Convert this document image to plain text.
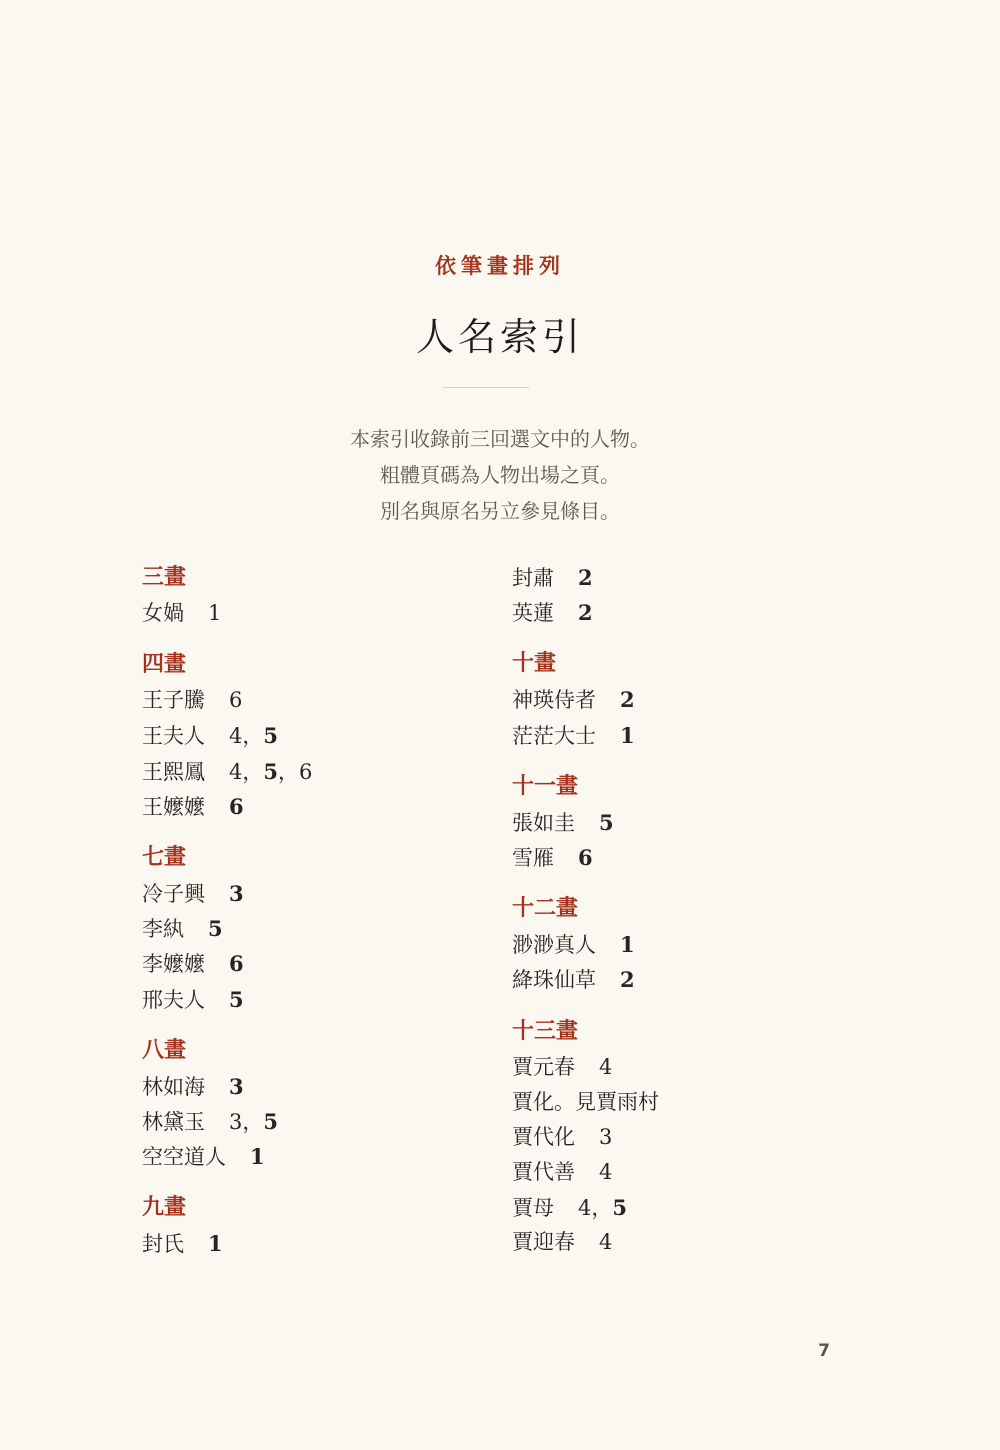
依筆畫排列
人名索引
本索引收錄前三回選文中的人物。
粗體頁碼為人物出場之頁。
別名與原名另立參見條目。
三畫
女媧 1
四畫
王子騰 6
王夫人 4，5
王熙鳳 4，5，6
王嬤嬤 6
七畫
冷子興 3
李紈 5
李嬤嬤 6
邢夫人 5
八畫
林如海 3
林黛玉 3，5
空空道人 1
九畫
封氏 1
封肅 2
英蓮 2
十畫
神瑛侍者 2
茫茫大士 1
十一畫
張如圭 5
雪雁 6
十二畫
渺渺真人 1
絳珠仙草 2
十三畫
賈元春 4
賈化。見賈雨村
賈代化 3
賈代善 4
賈母 4，5
賈迎春 4
7
